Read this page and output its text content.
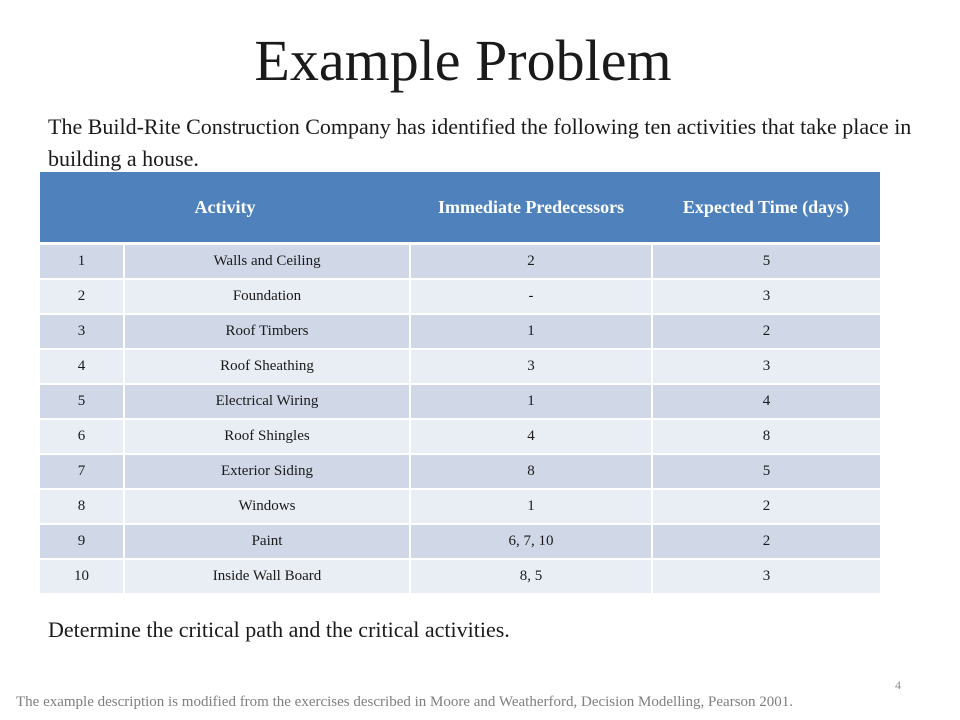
Example Problem
The Build-Rite Construction Company has identified the following ten activities that take place in building a house.
Activity		Immediate Predecessors	Expected Time (days)
1	Walls and Ceiling	2	5
2	Foundation	-	3
3	Roof Timbers	1	2
4	Roof Sheathing	3	3
5	Electrical Wiring	1	4
6	Roof Shingles	4	8
7	Exterior Siding	8	5
8	Windows	1	2
9	Paint	6, 7, 10	2
10	Inside Wall Board	8, 5	3
Determine the critical path and the critical activities.
4
The example description is modified from the exercises described in Moore and Weatherford, Decision Modelling, Pearson 2001.
